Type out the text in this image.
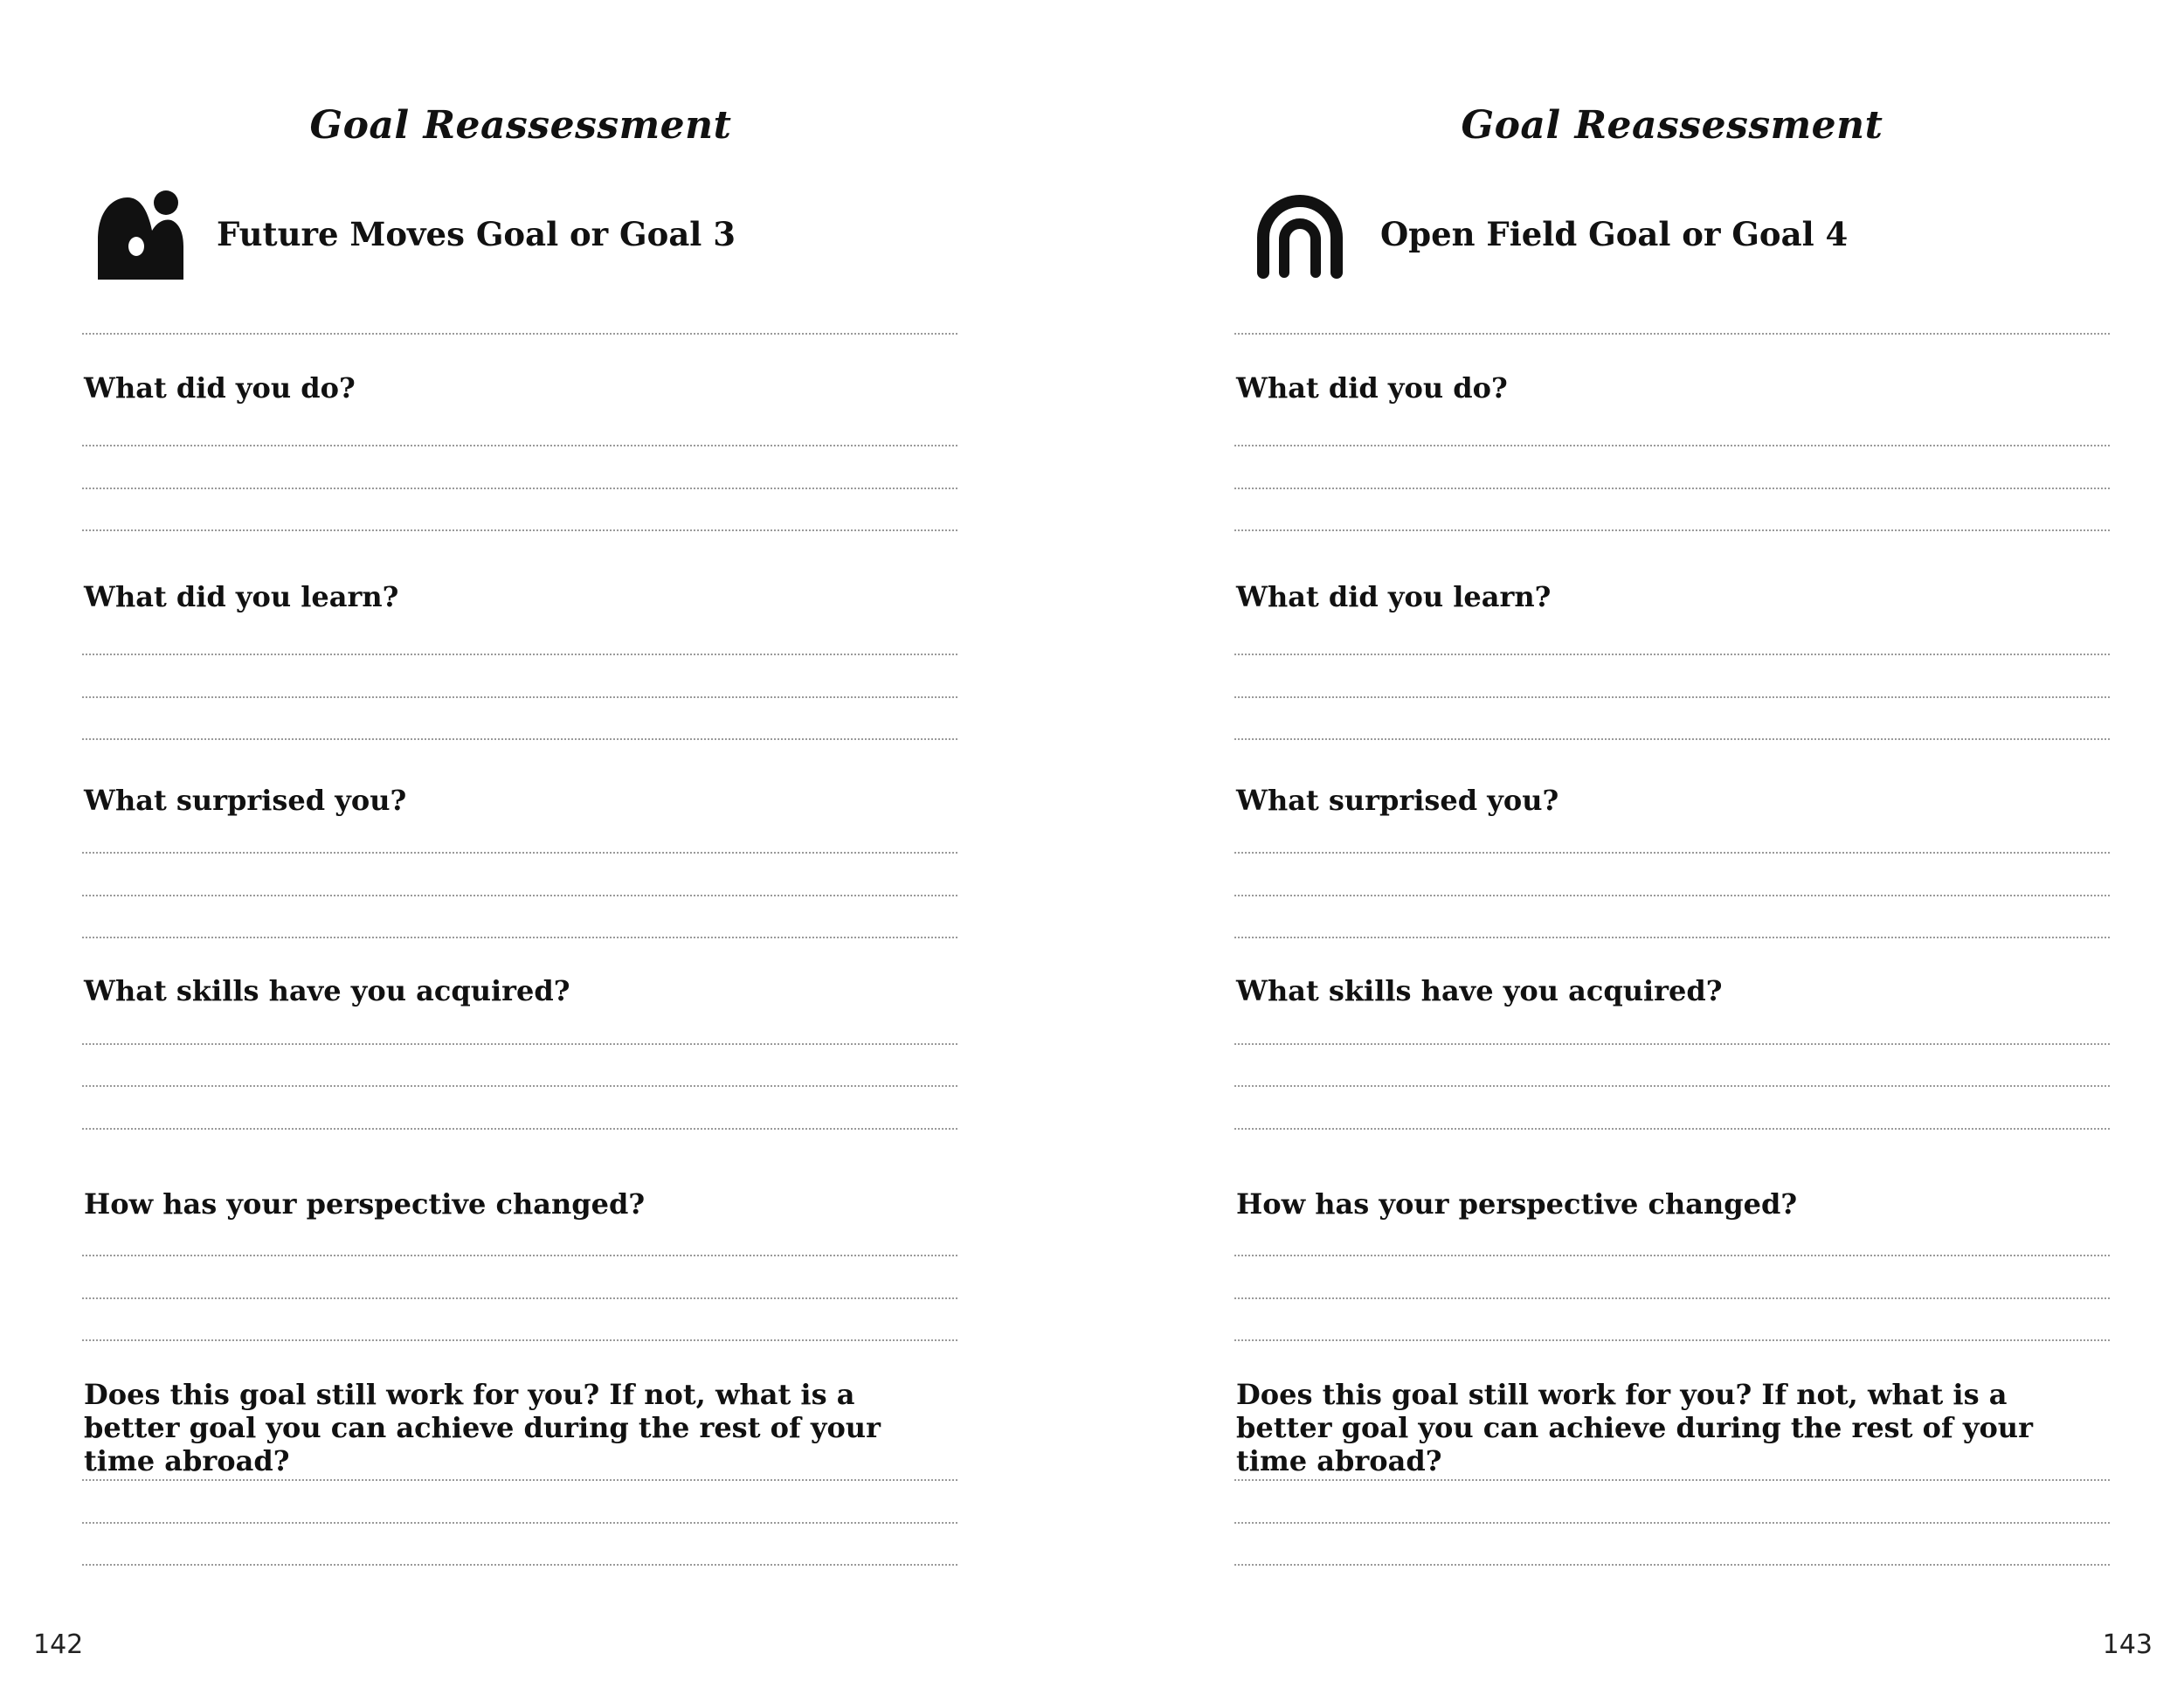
Goal Reassessment
Future Moves Goal or Goal 3

What did you do?

What did you learn?

What surprised you?

What skills have you acquired?

How has your perspective changed?

Does this goal still work for you? If not, what is a better goal you can achieve during the rest of your time abroad?

142
Goal Reassessment
Open Field Goal or Goal 4

What did you do?

What did you learn?

What surprised you?

What skills have you acquired?

How has your perspective changed?

Does this goal still work for you? If not, what is a better goal you can achieve during the rest of your time abroad?

143
